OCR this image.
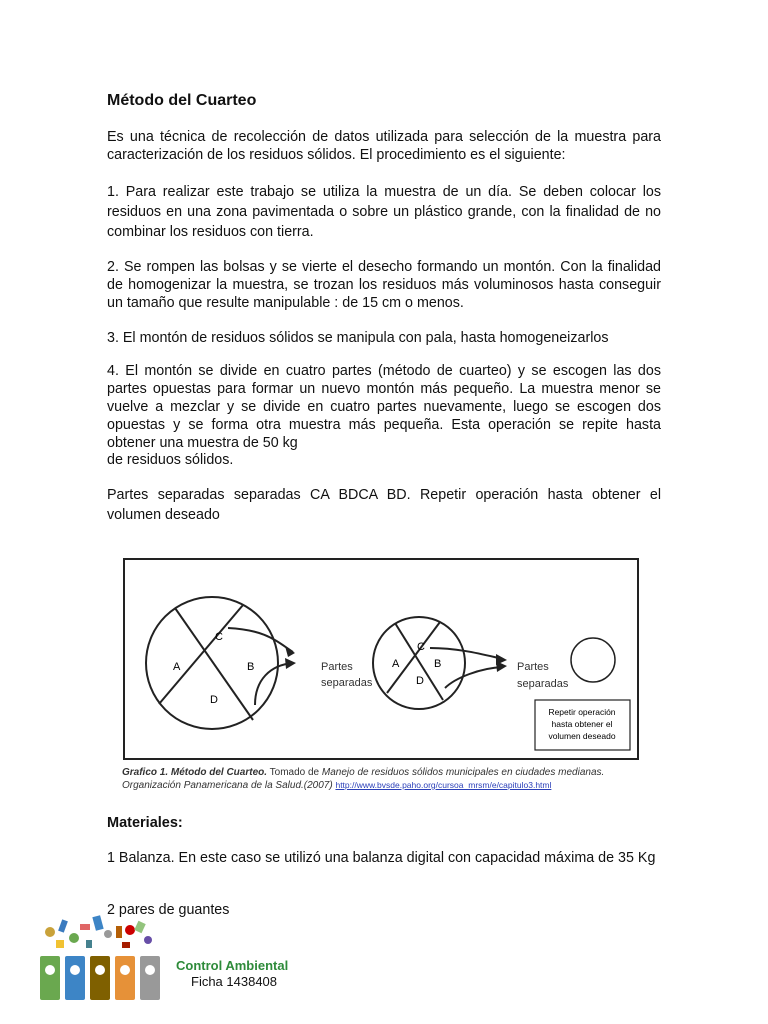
Método del Cuarteo

Es una técnica de recolección de datos utilizada para selección de la muestra para caracterización de los residuos sólidos. El procedimiento es el siguiente:

1. Para realizar este trabajo se utiliza la muestra de un día. Se deben colocar los residuos en una zona pavimentada o sobre un plástico grande, con la finalidad de no combinar los residuos con tierra.

2. Se rompen las bolsas y se vierte el desecho formando un montón. Con la finalidad de homogenizar la muestra, se trozan los residuos más voluminosos hasta conseguir un tamaño que resulte manipulable : de 15 cm o menos.

3. El montón de residuos sólidos se manipula con pala, hasta homogeneizarlos

4. El montón se divide en cuatro partes (método de cuarteo) y se escogen las dos partes opuestas para formar un nuevo montón más pequeño. La muestra menor se vuelve a mezclar y se divide en cuatro partes nuevamente, luego se escogen dos opuestas y se forma otra muestra más pequeña. Esta operación se repite hasta obtener una muestra de 50 kg

de residuos sólidos.

Partes separadas separadas CA BDCA BD. Repetir operación hasta obtener el volumen deseado

C
A	B
D
Partes
separadas
C
A	B
D
Partes
separadas
Repetir operación
hasta obtener el
volumen deseado
Grafico 1. Método del Cuarteo. Tomado de Manejo de residuos sólidos municipales en ciudades medianas. Organización Panamericana de la Salud.(2007) http://www.bvsde.paho.org/cursoa_mrsm/e/capitulo3.html
Materiales:

1 Balanza. En este caso se utilizó una balanza digital con capacidad máxima de 35 Kg

2 pares de guantes

Control Ambiental
Ficha 1438408
